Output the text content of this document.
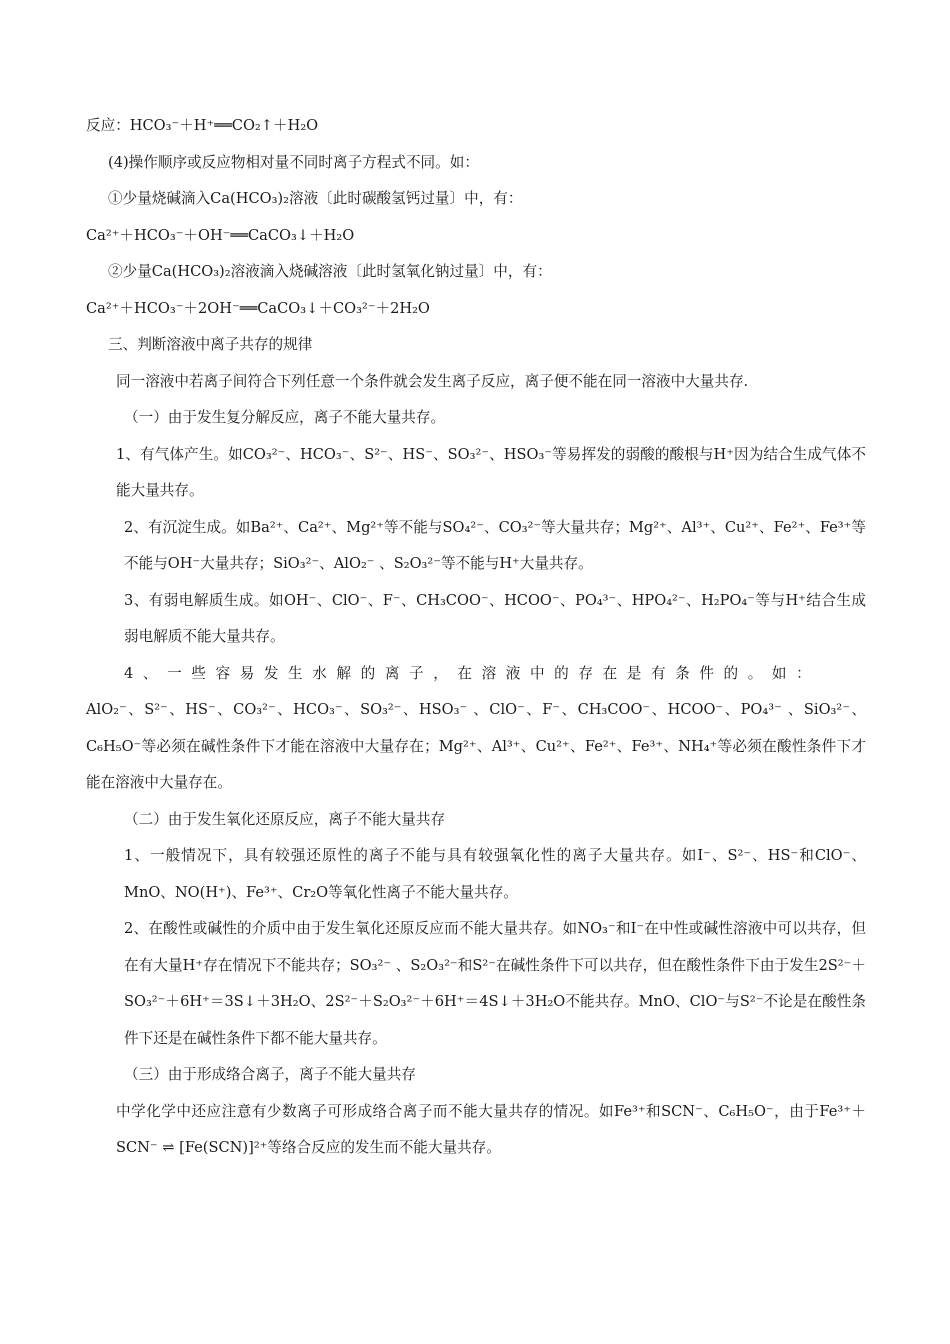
反应：HCO₃⁻＋H⁺══CO₂↑＋H₂O

(4)操作顺序或反应物相对量不同时离子方程式不同。如：

①少量烧碱滴入Ca(HCO₃)₂溶液〔此时碳酸氢钙过量〕中，有：

Ca²⁺＋HCO₃⁻＋OH⁻══CaCO₃↓＋H₂O

②少量Ca(HCO₃)₂溶液滴入烧碱溶液〔此时氢氧化钠过量〕中，有：

Ca²⁺＋HCO₃⁻＋2OH⁻══CaCO₃↓＋CO₃²⁻＋2H₂O

三、判断溶液中离子共存的规律

同一溶液中若离子间符合下列任意一个条件就会发生离子反应，离子便不能在同一溶液中大量共存.

（一）由于发生复分解反应，离子不能大量共存。

1、有气体产生。如CO₃²⁻、HCO₃⁻、S²⁻、HS⁻、SO₃²⁻、HSO₃⁻等易挥发的弱酸的酸根与H⁺因为结合生成气体不能大量共存。

2、有沉淀生成。如Ba²⁺、Ca²⁺、Mg²⁺等不能与SO₄²⁻、CO₃²⁻等大量共存；Mg²⁺、Al³⁺、Cu²⁺、Fe²⁺、Fe³⁺等不能与OH⁻大量共存；SiO₃²⁻、AlO₂⁻ 、S₂O₃²⁻等不能与H⁺大量共存。

3、有弱电解质生成。如OH⁻、ClO⁻、F⁻、CH₃COO⁻、HCOO⁻、PO₄³⁻、HPO₄²⁻、H₂PO₄⁻等与H⁺结合生成弱电解质不能大量共存。

4、一些容易发生水解的离子，在溶液中的存在是有条件的。如：

AlO₂⁻、S²⁻、HS⁻、CO₃²⁻、HCO₃⁻、SO₃²⁻、HSO₃⁻ 、ClO⁻、F⁻、CH₃COO⁻、HCOO⁻、PO₄³⁻ 、SiO₃²⁻、C₆H₅O⁻等必须在碱性条件下才能在溶液中大量存在；Mg²⁺、Al³⁺、Cu²⁺、Fe²⁺、Fe³⁺、NH₄⁺等必须在酸性条件下才能在溶液中大量存在。

（二）由于发生氧化还原反应，离子不能大量共存

1、一般情况下，具有较强还原性的离子不能与具有较强氧化性的离子大量共存。如I⁻、S²⁻、HS⁻和ClO⁻、MnO、NO(H⁺)、Fe³⁺、Cr₂O等氧化性离子不能大量共存。

2、在酸性或碱性的介质中由于发生氧化还原反应而不能大量共存。如NO₃⁻和I⁻在中性或碱性溶液中可以共存，但在有大量H⁺存在情况下不能共存；SO₃²⁻ 、S₂O₃²⁻和S²⁻在碱性条件下可以共存，但在酸性条件下由于发生2S²⁻＋SO₃²⁻＋6H⁺＝3S↓＋3H₂O、2S²⁻＋S₂O₃²⁻＋6H⁺＝4S↓＋3H₂O不能共存。MnO、ClO⁻与S²⁻不论是在酸性条件下还是在碱性条件下都不能大量共存。

（三）由于形成络合离子，离子不能大量共存

中学化学中还应注意有少数离子可形成络合离子而不能大量共存的情况。如Fe³⁺和SCN⁻、C₆H₅O⁻，由于Fe³⁺＋SCN⁻ ⇌ [Fe(SCN)]²⁺等络合反应的发生而不能大量共存。
